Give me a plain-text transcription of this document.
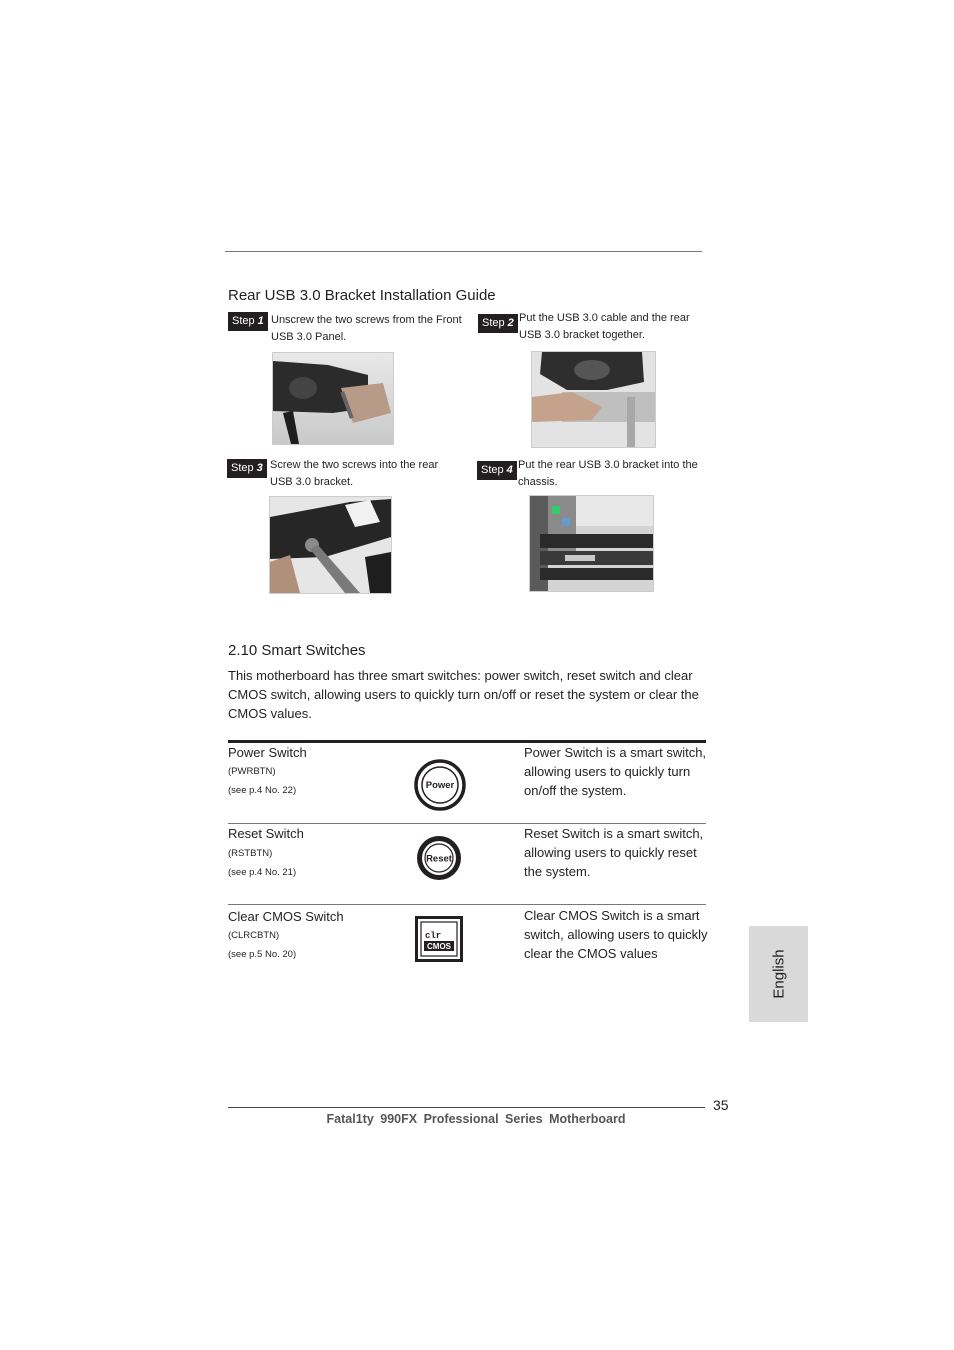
Rear USB 3.0 Bracket Installation Guide
Step 1 Unscrew the two screws from the Front USB 3.0 Panel.
Step 2 Put the USB 3.0 cable and the rear USB 3.0 bracket together.
Step 3 Screw the two screws into the rear USB 3.0 bracket.
Step 4 Put the rear USB 3.0 bracket into the chassis.
2.10 Smart Switches
This motherboard has three smart switches: power switch, reset switch and clear CMOS switch, allowing users to quickly turn on/off or reset the system or clear the CMOS values.
Power Switch
(PWRBTN)
(see p.4 No. 22)	Power
Power Switch is a smart switch, allowing users to quickly turn on/off the system.
Reset Switch
(RSTBTN)
(see p.4 No. 21)
Reset
Reset Switch is a smart switch, allowing users to quickly reset the system.
Clear CMOS Switch
(CLRCBTN)
(see p.5 No. 20)
clr
CMOS
Clear CMOS Switch is a smart switch, allowing users to quickly clear the CMOS values	English
35
Fatal1ty 990FX Professional Series Motherboard
